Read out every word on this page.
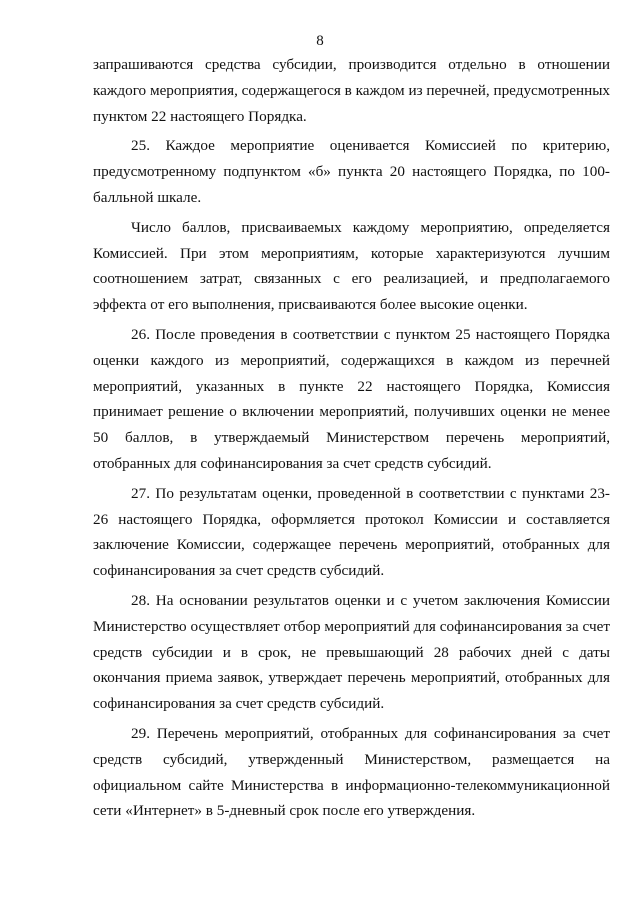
8

запрашиваются средства субсидии, производится отдельно в отношении каждого мероприятия, содержащегося в каждом из перечней, предусмотренных пунктом 22 настоящего Порядка.

25. Каждое мероприятие оценивается Комиссией по критерию, предусмотренному подпунктом «б» пункта 20 настоящего Порядка, по 100-балльной шкале.

Число баллов, присваиваемых каждому мероприятию, определяется Комиссией. При этом мероприятиям, которые характеризуются лучшим соотношением затрат, связанных с его реализацией, и предполагаемого эффекта от его выполнения, присваиваются более высокие оценки.

26. После проведения в соответствии с пунктом 25 настоящего Порядка оценки каждого из мероприятий, содержащихся в каждом из перечней мероприятий, указанных в пункте 22 настоящего Порядка, Комиссия принимает решение о включении мероприятий, получивших оценки не менее 50 баллов, в утверждаемый Министерством перечень мероприятий, отобранных для софинансирования за счет средств субсидий.

27. По результатам оценки, проведенной в соответствии с пунктами 23-26 настоящего Порядка, оформляется протокол Комиссии и составляется заключение Комиссии, содержащее перечень мероприятий, отобранных для софинансирования за счет средств субсидий.

28. На основании результатов оценки и с учетом заключения Комиссии Министерство осуществляет отбор мероприятий для софинансирования за счет средств субсидии и в срок, не превышающий 28 рабочих дней с даты окончания приема заявок, утверждает перечень мероприятий, отобранных для софинансирования за счет средств субсидий.

29. Перечень мероприятий, отобранных для софинансирования за счет средств субсидий, утвержденный Министерством, размещается на официальном сайте Министерства в информационно-телекоммуникационной сети «Интернет» в 5-дневный срок после его утверждения.
